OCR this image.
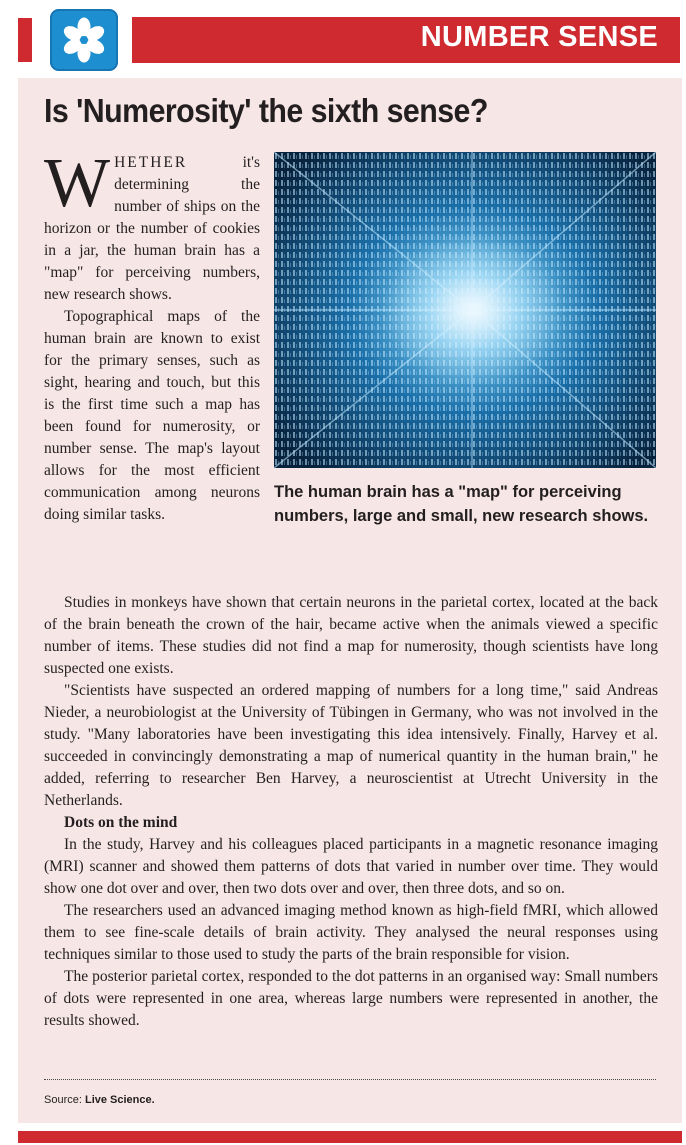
NUMBER SENSE
Is 'Numerosity' the sixth sense?

WHETHER it's determining the number of ships on the horizon or the number of cookies in a jar, the human brain has a "map" for perceiving numbers, new research shows.

Topographical maps of the human brain are known to exist for the primary senses, such as sight, hearing and touch, but this is the first time such a map has been found for numerosity, or number sense. The map's layout allows for the most efficient communication among neurons doing similar tasks.

The human brain has a "map" for perceiving numbers, large and small, new research shows.

Studies in monkeys have shown that certain neurons in the parietal cortex, located at the back of the brain beneath the crown of the hair, became active when the animals viewed a specific number of items. These studies did not find a map for numerosity, though scientists have long suspected one exists.

"Scientists have suspected an ordered mapping of numbers for a long time," said Andreas Nieder, a neurobiologist at the University of Tübingen in Germany, who was not involved in the study. "Many laboratories have been investigating this idea intensively. Finally, Harvey et al. succeeded in convincingly demonstrating a map of numerical quantity in the human brain," he added, referring to researcher Ben Harvey, a neuroscientist at Utrecht University in the Netherlands.

Dots on the mind

In the study, Harvey and his colleagues placed participants in a magnetic resonance imaging (MRI) scanner and showed them patterns of dots that varied in number over time. They would show one dot over and over, then two dots over and over, then three dots, and so on.

The researchers used an advanced imaging method known as high-field fMRI, which allowed them to see fine-scale details of brain activity. They analysed the neural responses using techniques similar to those used to study the parts of the brain responsible for vision.

The posterior parietal cortex, responded to the dot patterns in an organised way: Small numbers of dots were represented in one area, whereas large numbers were represented in another, the results showed.

Source: Live Science.
